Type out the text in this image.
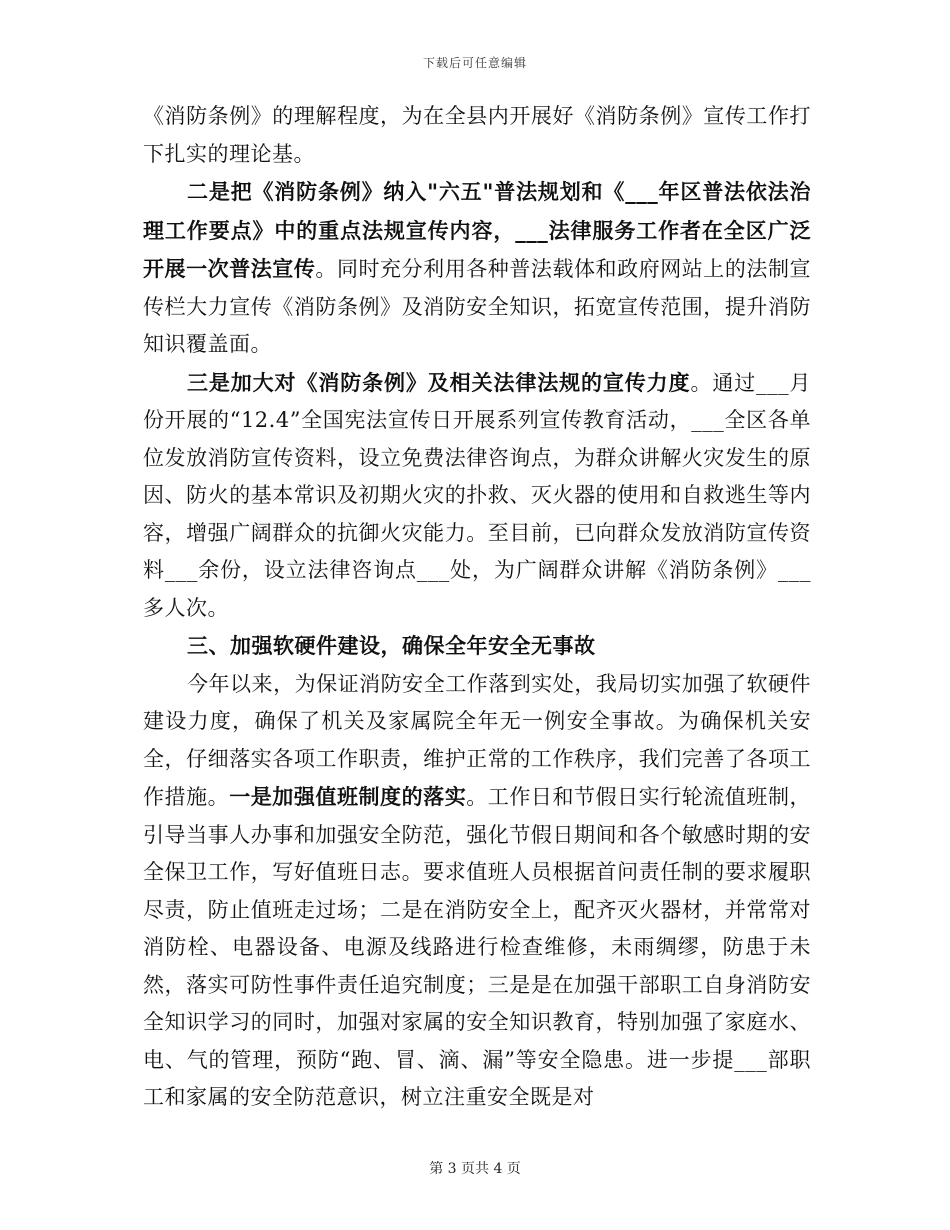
下载后可任意编辑

《消防条例》的理解程度，为在全县内开展好《消防条例》宣传工作打下扎实的理论基。

二是把《消防条例》纳入"六五"普法规划和《___年区普法依法治理工作要点》中的重点法规宣传内容，___法律服务工作者在全区广泛开展一次普法宣传。同时充分利用各种普法载体和政府网站上的法制宣传栏大力宣传《消防条例》及消防安全知识，拓宽宣传范围，提升消防知识覆盖面。

三是加大对《消防条例》及相关法律法规的宣传力度。通过___月份开展的“12.4”全国宪法宣传日开展系列宣传教育活动，___全区各单位发放消防宣传资料，设立免费法律咨询点，为群众讲解火灾发生的原因、防火的基本常识及初期火灾的扑救、灭火器的使用和自救逃生等内容，增强广阔群众的抗御火灾能力。至目前，已向群众发放消防宣传资料___余份，设立法律咨询点___处，为广阔群众讲解《消防条例》___多人次。

三、加强软硬件建设，确保全年安全无事故

今年以来，为保证消防安全工作落到实处，我局切实加强了软硬件建设力度，确保了机关及家属院全年无一例安全事故。为确保机关安全，仔细落实各项工作职责，维护正常的工作秩序，我们完善了各项工作措施。一是加强值班制度的落实。工作日和节假日实行轮流值班制，引导当事人办事和加强安全防范，强化节假日期间和各个敏感时期的安全保卫工作，写好值班日志。要求值班人员根据首问责任制的要求履职尽责，防止值班走过场；二是在消防安全上，配齐灭火器材，并常常对消防栓、电器设备、电源及线路进行检查维修，未雨绸缪，防患于未然，落实可防性事件责任追究制度；三是是在加强干部职工自身消防安全知识学习的同时，加强对家属的安全知识教育，特别加强了家庭水、电、气的管理，预防“跑、冒、滴、漏”等安全隐患。进一步提___部职工和家属的安全防范意识，树立注重安全既是对

第 3 页共 4 页
